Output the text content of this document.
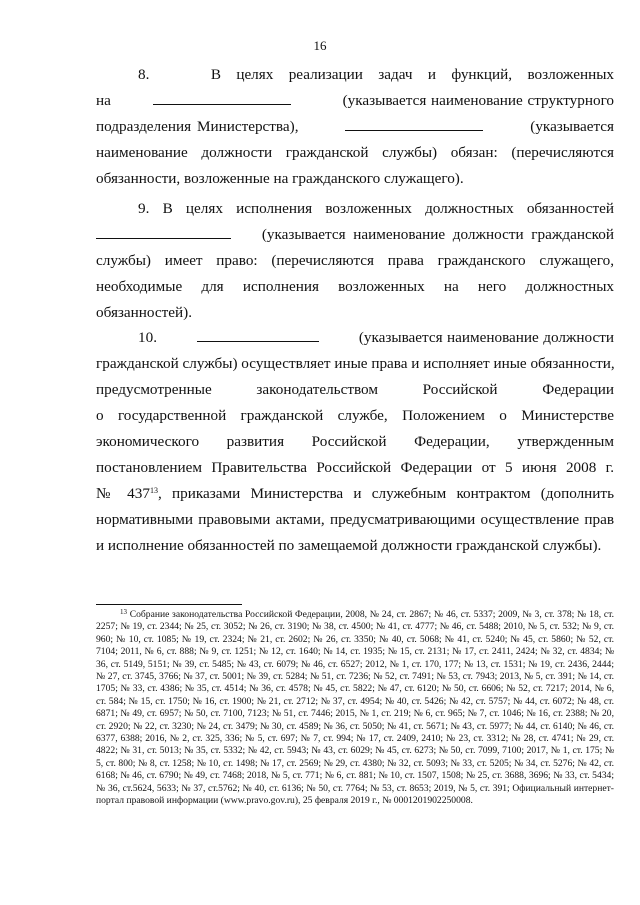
16
8.	В целях реализации задач и функций, возложенных
на	(указывается наименование структурного
подразделения Министерства),	(указывается
наименование должности гражданской службы) обязан: (перечисляются
обязанности, возложенные на гражданского служащего).
9. В целях исполнения возложенных должностных обязанностей
(указывается наименование должности гражданской
службы) имеет право: (перечисляются права гражданского служащего,
необходимые для исполнения возложенных на него должностных
обязанностей).
10.	(указывается наименование должности
гражданской службы) осуществляет иные права и исполняет иные обязанности,
предусмотренные законодательством Российской Федерации
о государственной гражданской службе, Положением о Министерстве
экономического развития Российской Федерации, утвержденным
постановлением Правительства Российской Федерации от 5 июня 2008 г.
№ $437^{13}$, приказами Министерства и служебным контрактом (дополнить
нормативными правовыми актами, предусматривающими осуществление прав
и исполнение обязанностей по замещаемой должности гражданской службы).
$^{13}$ Собрание законодательства Российской Федерации, 2008, № 24, ст. 2867; № 46, ст. 5337; 2009, № 3, ст. 378; № 18, ст. 2257; № 19, ст. 2344; № 25, ст. 3052; № 26, ст. 3190; № 38, ст. 4500; № 41, ст. 4777; № 46, ст. 5488; 2010, № 5, ст. 532; № 9, ст. 960; № 10, ст. 1085; № 19, ст. 2324; № 21, ст. 2602; № 26, ст. 3350; № 40, ст. 5068; № 41, ст. 5240; № 45, ст. 5860; № 52, ст. 7104; 2011, № 6, ст. 888; № 9, ст. 1251; № 12, ст. 1640; № 14, ст. 1935; № 15, ст. 2131; № 17, ст. 2411, 2424; № 32, ст. 4834; № 36, ст. 5149, 5151; № 39, ст. 5485; № 43, ст. 6079; № 46, ст. 6527; 2012, № 1, ст. 170, 177; № 13, ст. 1531; № 19, ст. 2436, 2444; № 27, ст. 3745, 3766; № 37, ст. 5001; № 39, ст. 5284; № 51, ст. 7236; № 52, ст. 7491; № 53, ст. 7943; 2013, № 5, ст. 391; № 14, ст. 1705; № 33, ст. 4386; № 35, ст. 4514; № 36, ст. 4578; № 45, ст. 5822; № 47, ст. 6120; № 50, ст. 6606; № 52, ст. 7217; 2014, № 6, ст. 584; № 15, ст. 1750; № 16, ст. 1900; № 21, ст. 2712; № 37, ст. 4954; № 40, ст. 5426; № 42, ст. 5757; № 44, ст. 6072; № 48, ст. 6871; № 49, ст. 6957; № 50, ст. 7100, 7123; № 51, ст. 7446; 2015, № 1, ст. 219; № 6, ст. 965; № 7, ст. 1046; № 16, ст. 2388; № 20, ст. 2920; № 22, ст. 3230; № 24, ст. 3479; № 30, ст. 4589; № 36, ст. 5050; № 41, ст. 5671; № 43, ст. 5977; № 44, ст. 6140; № 46, ст. 6377, 6388; 2016, № 2, ст. 325, 336; № 5, ст. 697; № 7, ст. 994; № 17, ст. 2409, 2410; № 23, ст. 3312; № 28, ст. 4741; № 29, ст. 4822; № 31, ст. 5013; № 35, ст. 5332; № 42, ст. 5943; № 43, ст. 6029; № 45, ст. 6273; № 50, ст. 7099, 7100; 2017, № 1, ст. 175; № 5, ст. 800; № 8, ст. 1258; № 10, ст. 1498; № 17, ст. 2569; № 29, ст. 4380; № 32, ст. 5093; № 33, ст. 5205; № 34, ст. 5276; № 42, ст. 6168; № 46, ст. 6790; № 49, ст. 7468; 2018, № 5, ст. 771; № 6, ст. 881; № 10, ст. 1507, 1508; № 25, ст. 3688, 3696; № 33, ст. 5434; № 36, ст.5624, 5633; № 37, ст.5762; № 40, ст. 6136; № 50, ст. 7764; № 53, ст. 8653; 2019, № 5, ст. 391; Официальный интернет-портал правовой информации (www.pravo.gov.ru), 25 февраля 2019 г., № 0001201902250008.
